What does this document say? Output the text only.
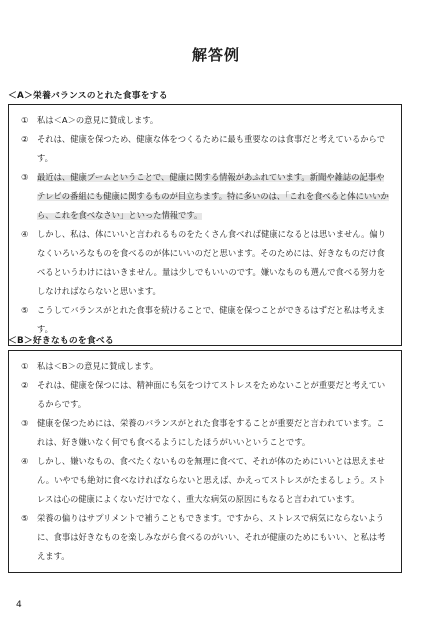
解答例
＜A＞栄養バランスのとれた食事をする

① 私は＜A＞の意見に賛成します。

② それは、健康を保つため、健康な体をつくるために最も重要なのは食事だと考えているからです。

③ 最近は、健康ブームということで、健康に関する情報があふれています。新聞や雑誌の記事やテレビの番組にも健康に関するものが目立ちます。特に多いのは、「これを食べると体にいいから、これを食べなさい」といった情報です。

④ しかし、私は、体にいいと言われるものをたくさん食べれば健康になるとは思いません。偏りなくいろいろなものを食べるのが体にいいのだと思います。そのためには、好きなものだけ食べるというわけにはいきません。量は少しでもいいのです。嫌いなものも選んで食べる努力をしなければならないと思います。

⑤ こうしてバランスがとれた食事を続けることで、健康を保つことができるはずだと私は考えます。

＜B＞好きなものを食べる

① 私は＜B＞の意見に賛成します。

② それは、健康を保つには、精神面にも気をつけてストレスをためないことが重要だと考えているからです。

③ 健康を保つためには、栄養のバランスがとれた食事をすることが重要だと言われています。これは、好き嫌いなく何でも食べるようにしたほうがいいということです。

④ しかし、嫌いなもの、食べたくないものを無理に食べて、それが体のためにいいとは思えません。いやでも絶対に食べなければならないと思えば、かえってストレスがたまるしょう。ストレスは心の健康によくないだけでなく、重大な病気の原因にもなると言われています。

⑤ 栄養の偏りはサプリメントで補うこともできます。ですから、ストレスで病気にならないように、食事は好きなものを楽しみながら食べるのがいい、それが健康のためにもいい、と私は考えます。

4
